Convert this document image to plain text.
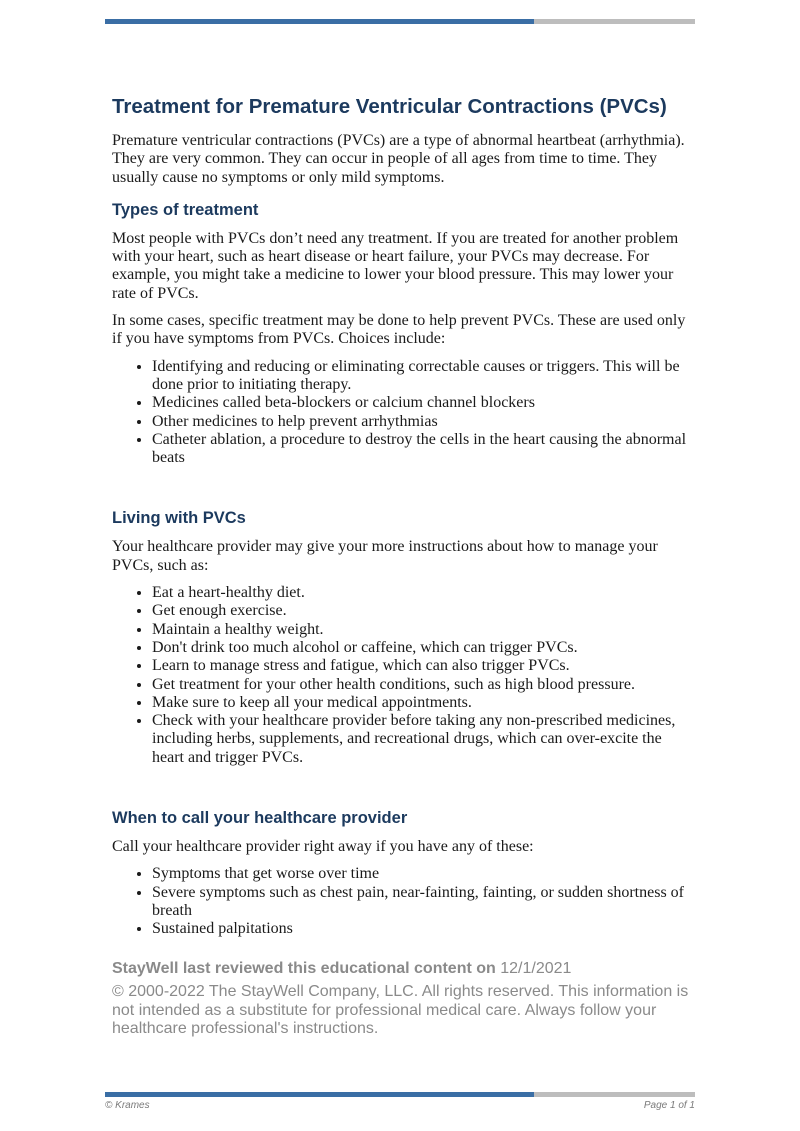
Treatment for Premature Ventricular Contractions (PVCs)

Premature ventricular contractions (PVCs) are a type of abnormal heartbeat (arrhythmia). They are very common. They can occur in people of all ages from time to time. They usually cause no symptoms or only mild symptoms.

Types of treatment

Most people with PVCs don’t need any treatment. If you are treated for another problem with your heart, such as heart disease or heart failure, your PVCs may decrease. For example, you might take a medicine to lower your blood pressure. This may lower your rate of PVCs.

In some cases, specific treatment may be done to help prevent PVCs. These are used only if you have symptoms from PVCs. Choices include:

• Identifying and reducing or eliminating correctable causes or triggers. This will be done prior to initiating therapy.
• Medicines called beta-blockers or calcium channel blockers
• Other medicines to help prevent arrhythmias
• Catheter ablation, a procedure to destroy the cells in the heart causing the abnormal beats
Living with PVCs

Your healthcare provider may give your more instructions about how to manage your PVCs, such as:

• Eat a heart-healthy diet.
• Get enough exercise.
• Maintain a healthy weight.
• Don't drink too much alcohol or caffeine, which can trigger PVCs.
• Learn to manage stress and fatigue, which can also trigger PVCs.
• Get treatment for your other health conditions, such as high blood pressure.
• Make sure to keep all your medical appointments.
• Check with your healthcare provider before taking any non-prescribed medicines, including herbs, supplements, and recreational drugs, which can over-excite the heart and trigger PVCs.
When to call your healthcare provider

Call your healthcare provider right away if you have any of these:

• Symptoms that get worse over time
• Severe symptoms such as chest pain, near-fainting, fainting, or sudden shortness of breath
• Sustained palpitations

StayWell last reviewed this educational content on 12/1/2021

© 2000-2022 The StayWell Company, LLC. All rights reserved. This information is not intended as a substitute for professional medical care. Always follow your healthcare professional's instructions.

© Krames	Page 1 of 1
